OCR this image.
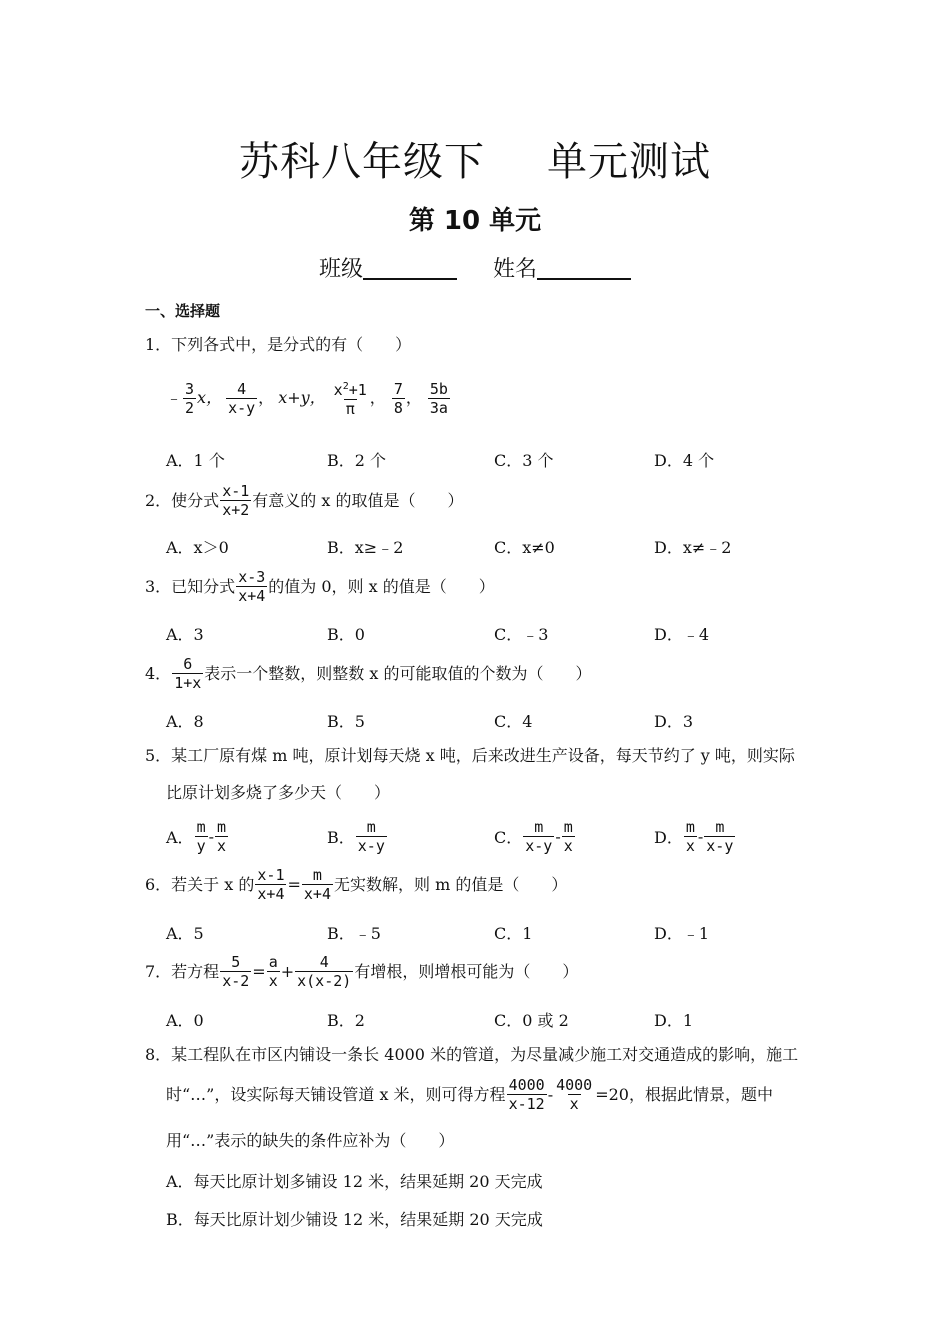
苏科八年级下 单元测试
第 10 单元
班级	姓名
一、选择题
1．下列各式中，是分式的有（　　）
﹣ $\frac{3}{2}$ x， $\frac{4}{x-y}$ ， x+y， $\frac{x^2+1}{\pi}$ ， $\frac{7}{8}$ ， $\frac{5b}{3a}$
A．1 个	B．2 个	C．3 个	D．4 个
2．使分式 $\frac{x-1}{x+2}$ 有意义的 x 的取值是（　　）
A．x＞0	B．x≥﹣2	C．x≠0	D．x≠﹣2
3．已知分式 $\frac{x-3}{x+4}$ 的值为 0，则 x 的值是（　　）
A．3	B．0	C．﹣3	D．﹣4
4． $\frac{6}{1+x}$ 表示一个整数，则整数 x 的可能取值的个数为（　　）
A．8	B．5	C．4	D．3
5．某工厂原有煤 m 吨，原计划每天烧 x 吨，后来改进生产设备，每天节约了 y 吨，则实际
比原计划多烧了多少天（　　）
A． $\frac{m}{y} - \frac{m}{x}$	B． $\frac{m}{x-y}$	C． $\frac{m}{x-y} - \frac{m}{x}$	D． $\frac{m}{x} - \frac{m}{x-y}$
6．若关于 x 的 $\frac{x-1}{x+4} = \frac{m}{x+4}$ 无实数解，则 m 的值是（　　）
A．5	B．﹣5	C．1	D．﹣1
7．若方程 $\frac{5}{x-2} = \frac{a}{x} + \frac{4}{x(x-2)}$ 有增根，则增根可能为（　　）
A．0	B．2	C．0 或 2	D．1
8．某工程队在市区内铺设一条长 4000 米的管道，为尽量减少施工对交通造成的影响，施工
时“…”，设实际每天铺设管道 x 米，则可得方程 $\frac{4000}{x-12} - \frac{4000}{x} =20$，根据此情景，题中
用“…”表示的缺失的条件应补为（　　）
A．每天比原计划多铺设 12 米，结果延期 20 天完成
B．每天比原计划少铺设 12 米，结果延期 20 天完成
